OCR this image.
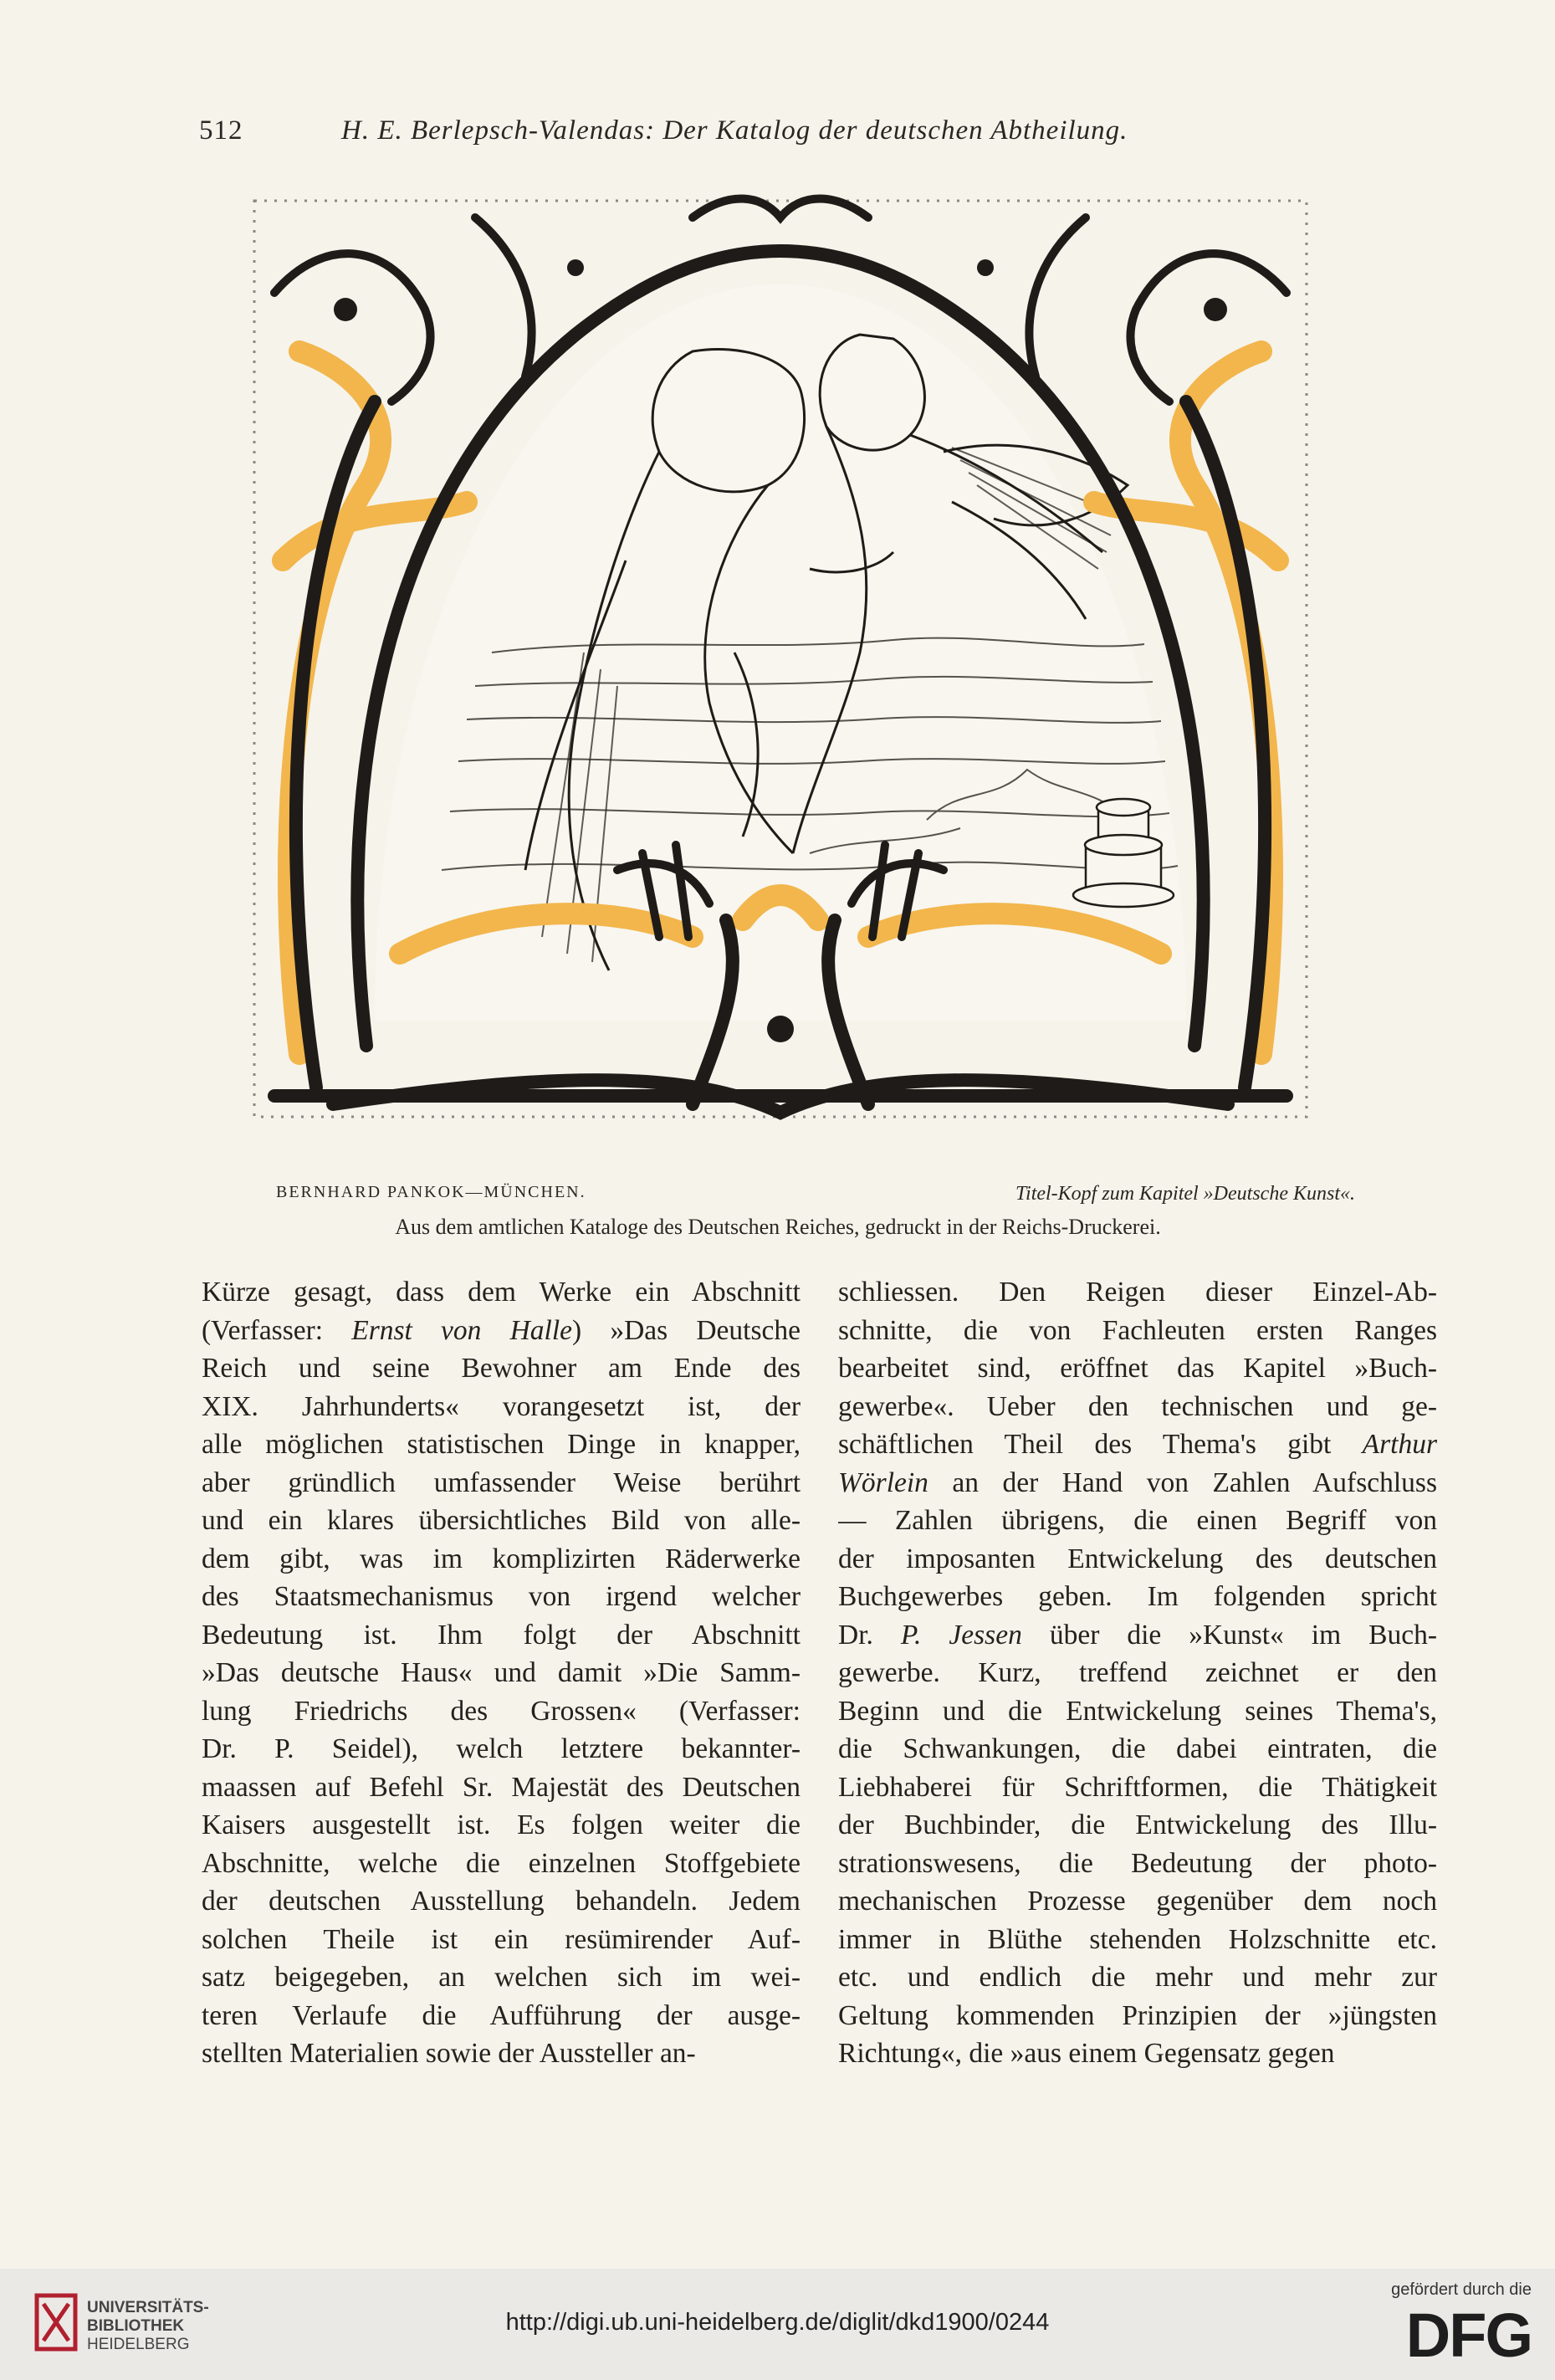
512	H. E. Berlepsch-Valendas: Der Katalog der deutschen Abtheilung.
BERNHARD PANKOK—MÜNCHEN.	Titel-Kopf zum Kapitel »Deutsche Kunst«.
Aus dem amtlichen Kataloge des Deutschen Reiches, gedruckt in der Reichs-Druckerei.
Kürze gesagt, dass dem Werke ein Abschnitt
(Verfasser: Ernst von Halle) »Das Deutsche
Reich und seine Bewohner am Ende des
XIX. Jahrhunderts« vorangesetzt ist, der
alle möglichen statistischen Dinge in knapper,
aber gründlich umfassender Weise berührt
und ein klares übersichtliches Bild von alle-
dem gibt, was im komplizirten Räderwerke
des Staatsmechanismus von irgend welcher
Bedeutung ist. Ihm folgt der Abschnitt
»Das deutsche Haus« und damit »Die Samm-
lung Friedrichs des Grossen« (Verfasser:
Dr. P. Seidel), welch letztere bekannter-
maassen auf Befehl Sr. Majestät des Deutschen
Kaisers ausgestellt ist. Es folgen weiter die
Abschnitte, welche die einzelnen Stoffgebiete
der deutschen Ausstellung behandeln. Jedem
solchen Theile ist ein resümirender Auf-
satz beigegeben, an welchen sich im wei-
teren Verlaufe die Aufführung der ausge-
stellten Materialien sowie der Aussteller an-
schliessen. Den Reigen dieser Einzel-Ab-
schnitte, die von Fachleuten ersten Ranges
bearbeitet sind, eröffnet das Kapitel »Buch-
gewerbe«. Ueber den technischen und ge-
schäftlichen Theil des Thema's gibt Arthur
Wörlein an der Hand von Zahlen Aufschluss
— Zahlen übrigens, die einen Begriff von
der imposanten Entwickelung des deutschen
Buchgewerbes geben. Im folgenden spricht
Dr. P. Jessen über die »Kunst« im Buch-
gewerbe. Kurz, treffend zeichnet er den
Beginn und die Entwickelung seines Thema's,
die Schwankungen, die dabei eintraten, die
Liebhaberei für Schriftformen, die Thätigkeit
der Buchbinder, die Entwickelung des Illu-
strationswesens, die Bedeutung der photo-
mechanischen Prozesse gegenüber dem noch
immer in Blüthe stehenden Holzschnitte etc.
etc. und endlich die mehr und mehr zur
Geltung kommenden Prinzipien der »jüngsten
Richtung«, die »aus einem Gegensatz gegen
UNIVERSITÄTS-
BIBLIOTHEK
HEIDELBERG
http://digi.ub.uni-heidelberg.de/diglit/dkd1900/0244
gefördert durch die
DFG
